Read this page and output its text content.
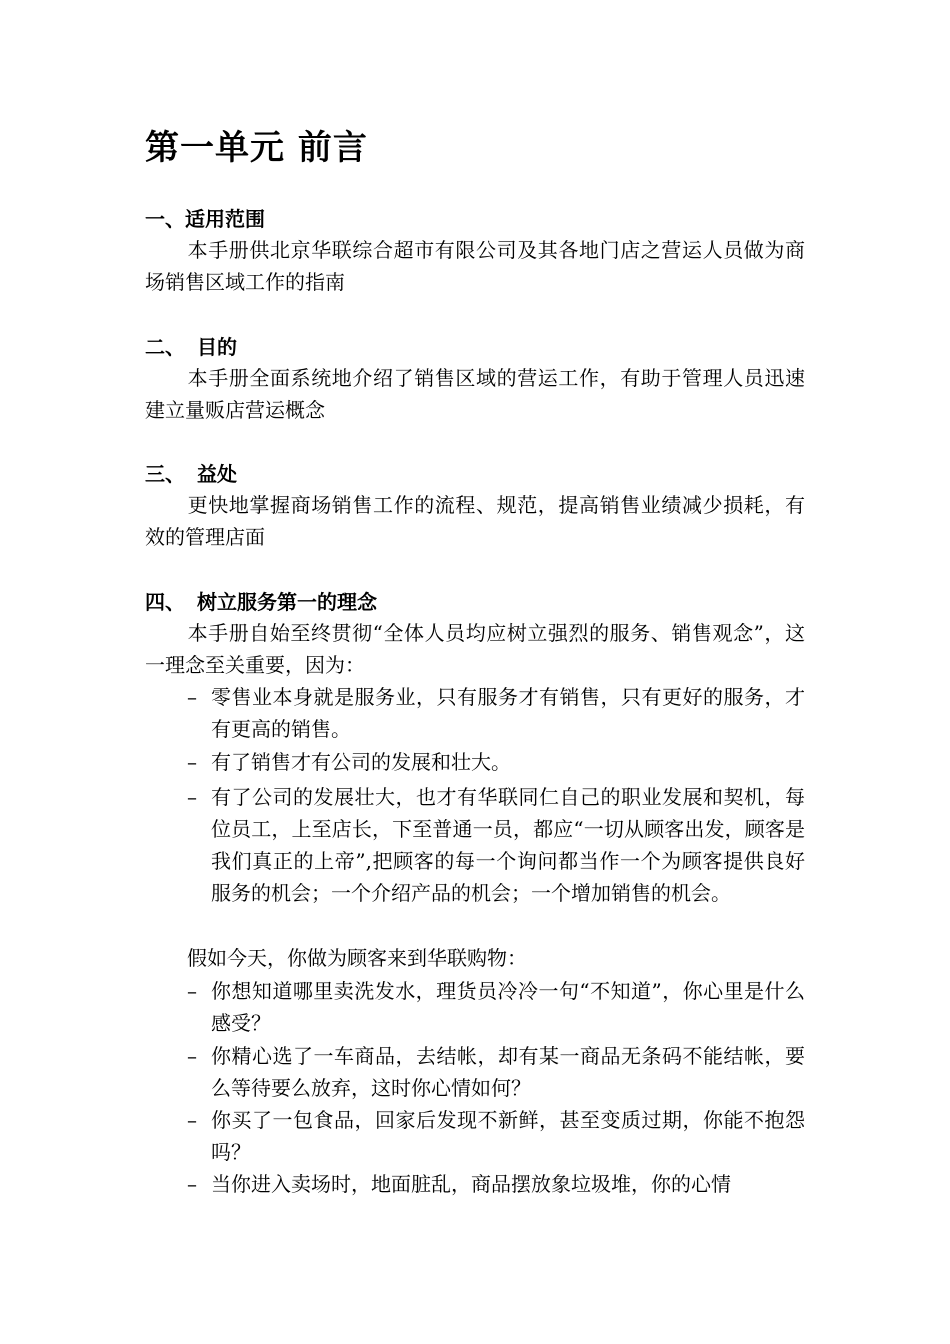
第一单元 前言
一、适用范围
本手册供北京华联综合超市有限公司及其各地门店之营运人员做为商场销售区域工作的指南
二、 目的
本手册全面系统地介绍了销售区域的营运工作，有助于管理人员迅速建立量贩店营运概念
三、 益处
更快地掌握商场销售工作的流程、规范，提高销售业绩减少损耗，有效的管理店面
四、 树立服务第一的理念
本手册自始至终贯彻“全体人员均应树立强烈的服务、销售观念”，这一理念至关重要，因为：
– 零售业本身就是服务业，只有服务才有销售，只有更好的服务，才有更高的销售。
– 有了销售才有公司的发展和壮大。
– 有了公司的发展壮大，也才有华联同仁自己的职业发展和契机，每位员工，上至店长，下至普通一员，都应“一切从顾客出发，顾客是我们真正的上帝”,把顾客的每一个询问都当作一个为顾客提供良好服务的机会；一个介绍产品的机会；一个增加销售的机会。
假如今天，你做为顾客来到华联购物：
– 你想知道哪里卖洗发水，理货员冷冷一句“不知道”，你心里是什么感受？
– 你精心选了一车商品，去结帐，却有某一商品无条码不能结帐，要么等待要么放弃，这时你心情如何？
– 你买了一包食品，回家后发现不新鲜，甚至变质过期，你能不抱怨吗？
– 当你进入卖场时，地面脏乱，商品摆放象垃圾堆，你的心情
